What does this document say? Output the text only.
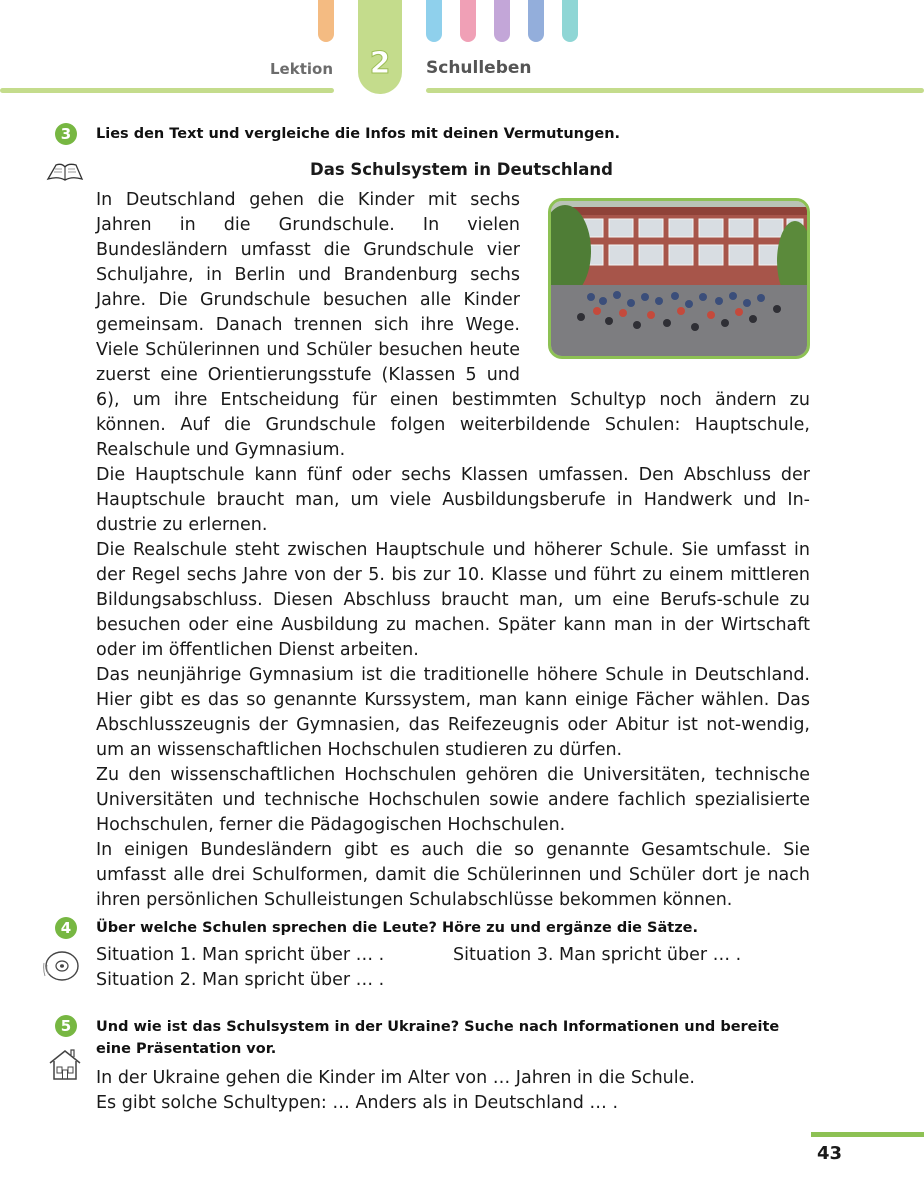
2
Lektion	Schulleben
3	Lies den Text und vergleiche die Infos mit deinen Vermutungen.
Das Schulsystem in Deutschland

In Deutschland gehen die Kinder mit sechs Jahren in die Grundschule. In vielen Bundesländern umfasst die Grundschule vier Schuljahre, in Berlin und Brandenburg sechs Jahre. Die Grundschule besuchen alle Kinder gemeinsam. Danach trennen sich ihre Wege. Viele Schülerinnen und Schüler besuchen heute zuerst eine Orientierungsstufe (Klassen 5 und 6), um ihre Entscheidung für einen bestimmten Schultyp noch ändern zu können. Auf die Grundschule folgen weiterbildende Schulen: Hauptschule, Realschule und Gymnasium.

Die Hauptschule kann fünf oder sechs Klassen umfassen. Den Abschluss der Hauptschule braucht man, um viele Ausbildungsberufe in Handwerk und In-dustrie zu erlernen.

Die Realschule steht zwischen Hauptschule und höherer Schule. Sie umfasst in der Regel sechs Jahre von der 5. bis zur 10. Klasse und führt zu einem mittleren Bildungsabschluss. Diesen Abschluss braucht man, um eine Berufs-schule zu besuchen oder eine Ausbildung zu machen. Später kann man in der Wirtschaft oder im öffentlichen Dienst arbeiten.

Das neunjährige Gymnasium ist die traditionelle höhere Schule in Deutschland. Hier gibt es das so genannte Kurssystem, man kann einige Fächer wählen. Das Abschlusszeugnis der Gymnasien, das Reifezeugnis oder Abitur ist not-wendig, um an wissenschaftlichen Hochschulen studieren zu dürfen.

Zu den wissenschaftlichen Hochschulen gehören die Universitäten, technische Universitäten und technische Hochschulen sowie andere fachlich spezialisierte Hochschulen, ferner die Pädagogischen Hochschulen.

In einigen Bundesländern gibt es auch die so genannte Gesamtschule. Sie umfasst alle drei Schulformen, damit die Schülerinnen und Schüler dort je nach ihren persönlichen Schulleistungen Schulabschlüsse bekommen können.

4	Über welche Schulen sprechen die Leute? Höre zu und ergänze die Sätze.
Situation 1. Man spricht über … .	Situation 3. Man spricht über … .
Situation 2. Man spricht über … .
5	Und wie ist das Schulsystem in der Ukraine? Suche nach Informationen und bereite eine Präsentation vor.
In der Ukraine gehen die Kinder im Alter von … Jahren in die Schule.
Es gibt solche Schultypen: … Anders als in Deutschland … .
43
